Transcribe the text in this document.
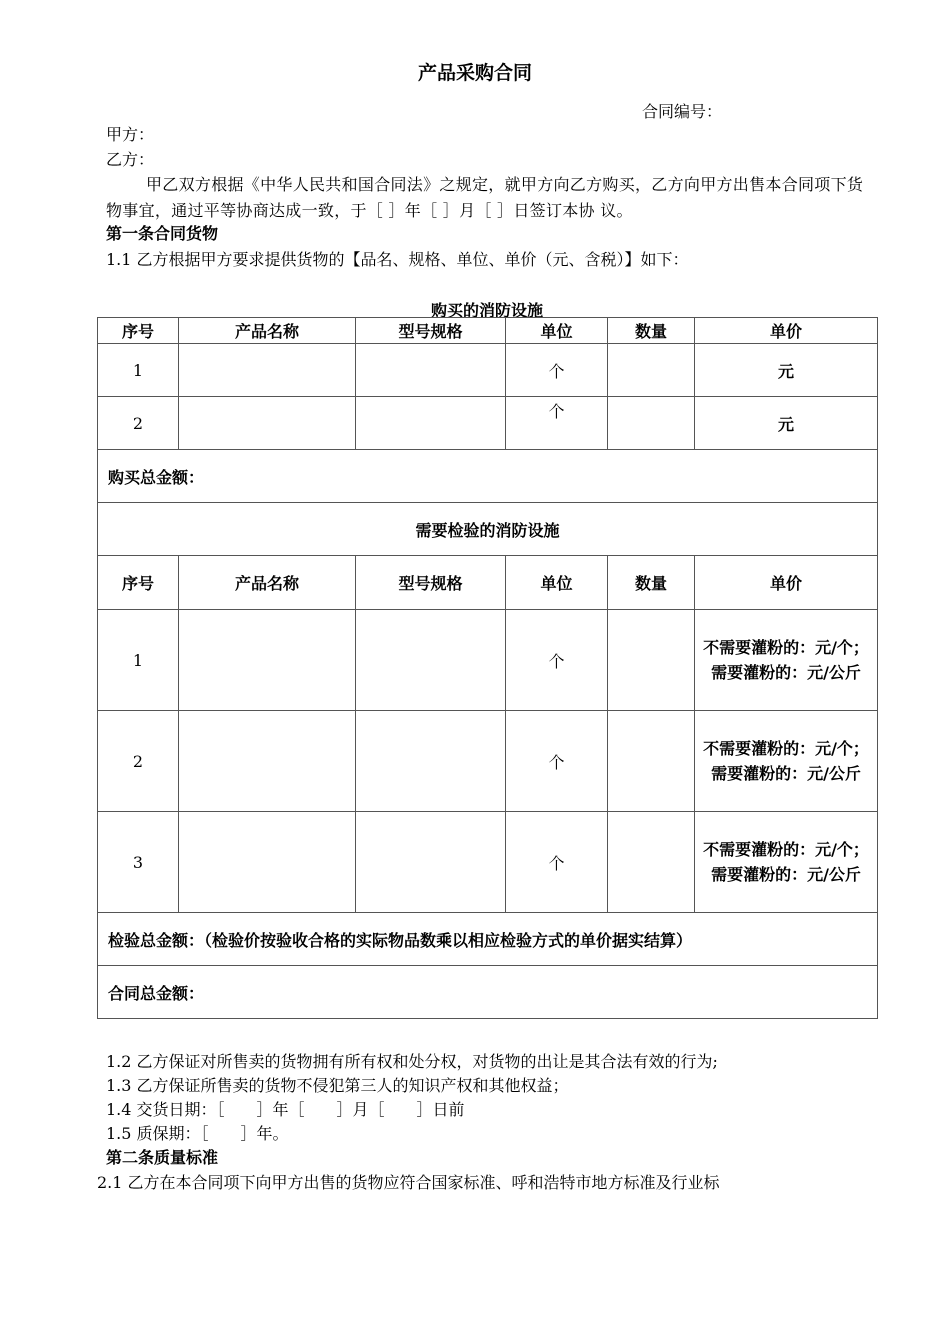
产品采购合同
合同编号：
甲方：
乙方：
甲乙双方根据《中华人民共和国合同法》之规定，就甲方向乙方购买，乙方向甲方出售本合同项下货物事宜，通过平等协商达成一致，于［ ］年［ ］月［ ］日签订本协 议。
第一条合同货物
1.1 乙方根据甲方要求提供货物的【品名、规格、单位、单价（元、含税）】如下：
购买的消防设施
序号	产品名称	型号规格	单位	数量	单价
1			个		元
2			个		元
购买总金额：					
需要检验的消防设施					
序号	产品名称	型号规格	单位	数量	单价
1			个		不需要灌粉的：元/个；需要灌粉的：元/公斤

2			个		不需要灌粉的：元/个；需要灌粉的：元/公斤

3			个		不需要灌粉的：元/个；需要灌粉的：元/公斤

检验总金额：（检验价按验收合格的实际物品数乘以相应检验方式的单价据实结算）					
合同总金额：					
1.2 乙方保证对所售卖的货物拥有所有权和处分权，对货物的出让是其合法有效的行为;
1.3 乙方保证所售卖的货物不侵犯第三人的知识产权和其他权益；
1.4 交货日期：［　　］年［　　］月［　　］日前
1.5 质保期：［　　］年。
第二条质量标准
2.1 乙方在本合同项下向甲方出售的货物应符合国家标准、呼和浩特市地方标准及行业标
